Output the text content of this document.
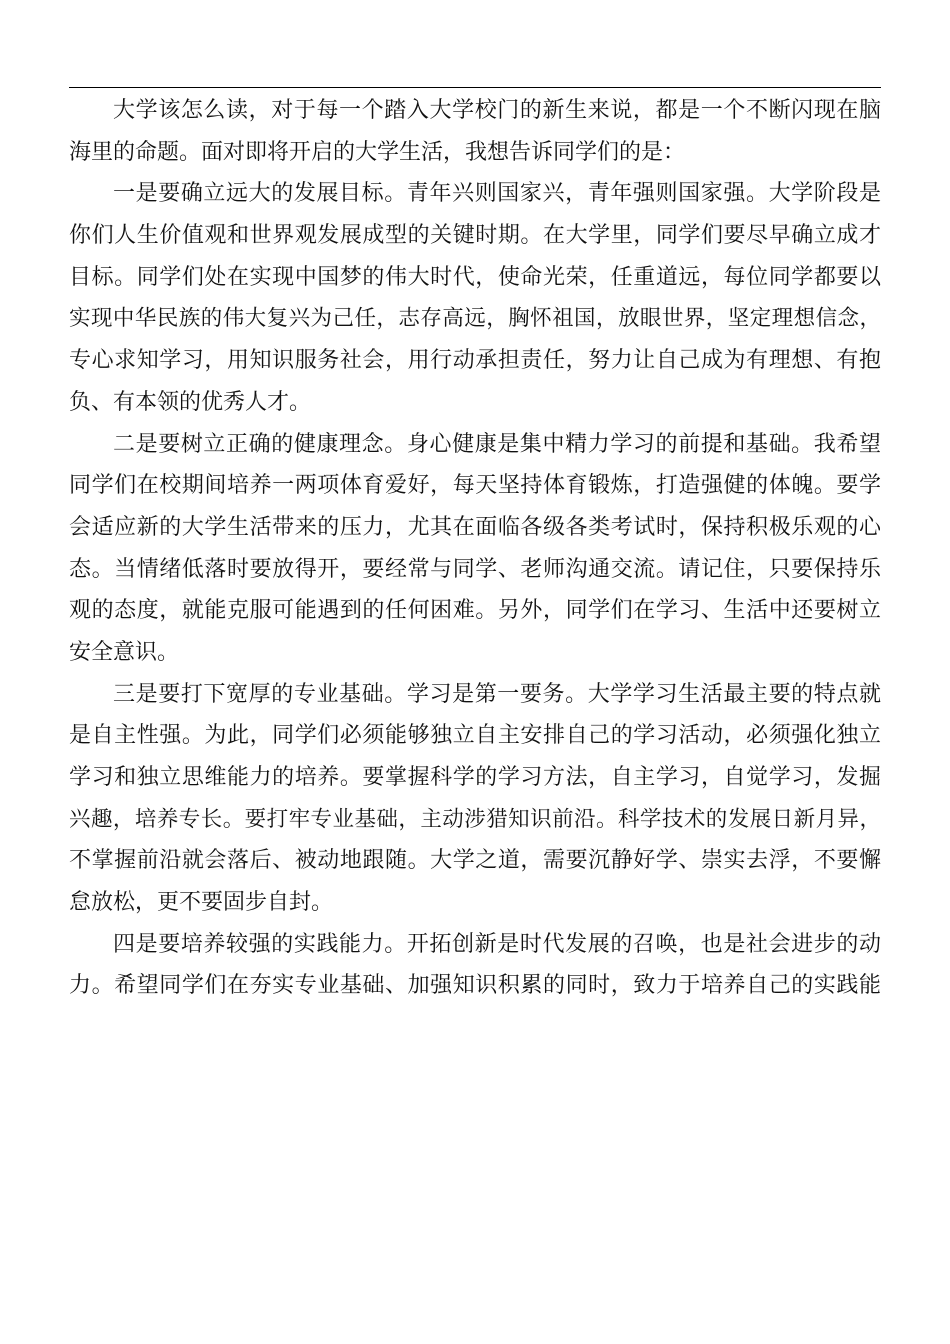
大学该怎么读，对于每一个踏入大学校门的新生来说，都是一个不断闪现在脑
海里的命题。面对即将开启的大学生活，我想告诉同学们的是：
一是要确立远大的发展目标。青年兴则国家兴，青年强则国家强。大学阶段是
你们人生价值观和世界观发展成型的关键时期。在大学里，同学们要尽早确立成才
目标。同学们处在实现中国梦的伟大时代，使命光荣，任重道远，每位同学都要以
实现中华民族的伟大复兴为己任，志存高远，胸怀祖国，放眼世界，坚定理想信念，
专心求知学习，用知识服务社会，用行动承担责任，努力让自己成为有理想、有抱
负、有本领的优秀人才。
二是要树立正确的健康理念。身心健康是集中精力学习的前提和基础。我希望
同学们在校期间培养一两项体育爱好，每天坚持体育锻炼，打造强健的体魄。要学
会适应新的大学生活带来的压力，尤其在面临各级各类考试时，保持积极乐观的心
态。当情绪低落时要放得开，要经常与同学、老师沟通交流。请记住，只要保持乐
观的态度，就能克服可能遇到的任何困难。另外，同学们在学习、生活中还要树立
安全意识。
三是要打下宽厚的专业基础。学习是第一要务。大学学习生活最主要的特点就
是自主性强。为此，同学们必须能够独立自主安排自己的学习活动，必须强化独立
学习和独立思维能力的培养。要掌握科学的学习方法，自主学习，自觉学习，发掘
兴趣，培养专长。要打牢专业基础，主动涉猎知识前沿。科学技术的发展日新月异，
不掌握前沿就会落后、被动地跟随。大学之道，需要沉静好学、崇实去浮，不要懈
怠放松，更不要固步自封。
四是要培养较强的实践能力。开拓创新是时代发展的召唤，也是社会进步的动
力。希望同学们在夯实专业基础、加强知识积累的同时，致力于培养自己的实践能
